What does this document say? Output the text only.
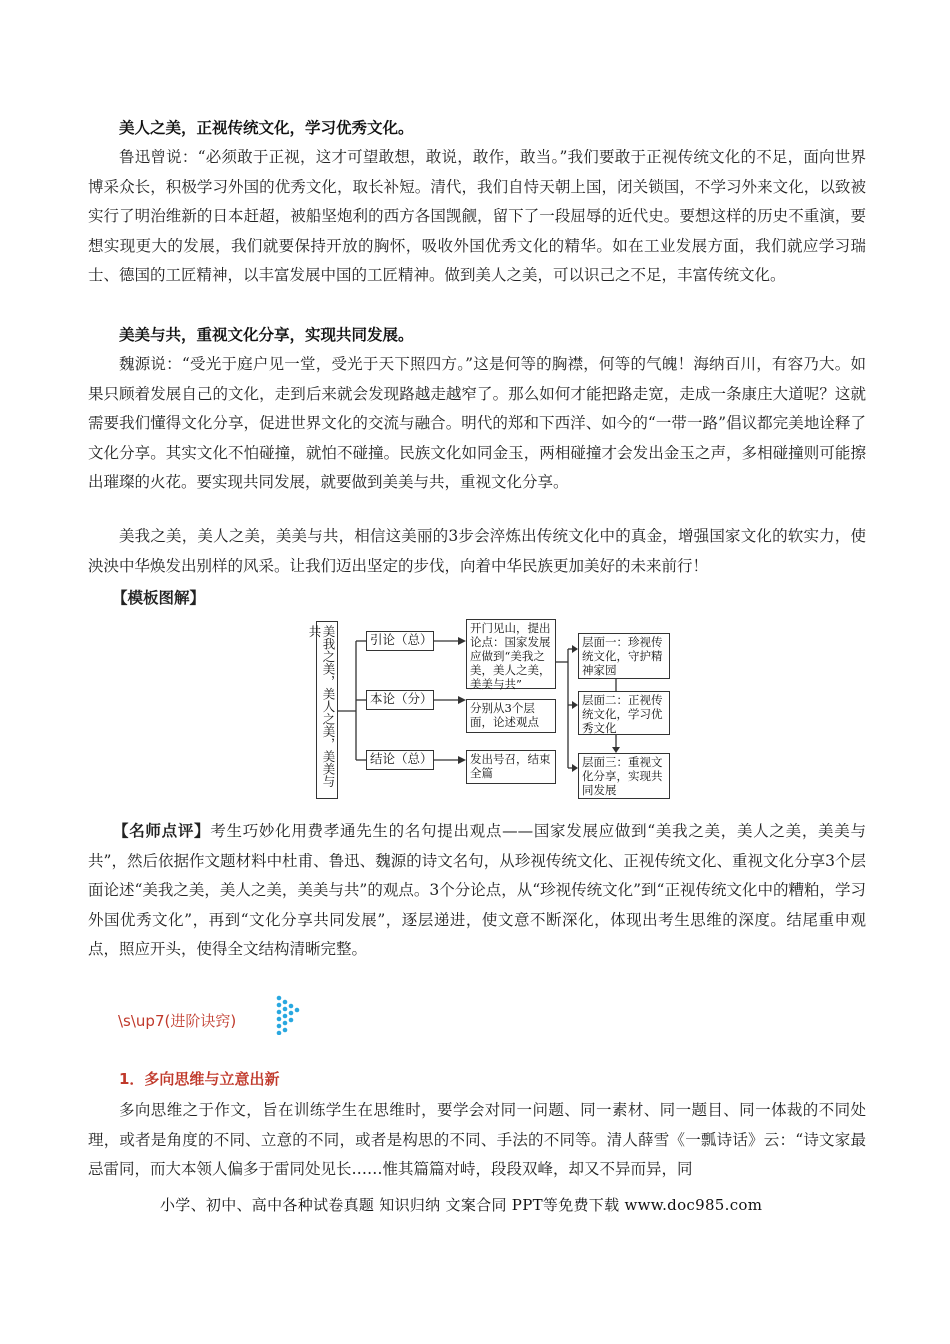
美人之美，正视传统文化，学习优秀文化。

鲁迅曾说：“必须敢于正视，这才可望敢想，敢说，敢作，敢当。”我们要敢于正视传统文化的不足，面向世界博采众长，积极学习外国的优秀文化，取长补短。清代，我们自恃天朝上国，闭关锁国，不学习外来文化，以致被实行了明治维新的日本赶超，被船坚炮利的西方各国觊觎，留下了一段屈辱的近代史。要想这样的历史不重演，要想实现更大的发展，我们就要保持开放的胸怀，吸收外国优秀文化的精华。如在工业发展方面，我们就应学习瑞士、德国的工匠精神，以丰富发展中国的工匠精神。做到美人之美，可以识己之不足，丰富传统文化。

美美与共，重视文化分享，实现共同发展。

魏源说：“受光于庭户见一堂，受光于天下照四方。”这是何等的胸襟，何等的气魄！海纳百川，有容乃大。如果只顾着发展自己的文化，走到后来就会发现路越走越窄了。那么如何才能把路走宽，走成一条康庄大道呢？这就需要我们懂得文化分享，促进世界文化的交流与融合。明代的郑和下西洋、如今的“一带一路”倡议都完美地诠释了文化分享。其实文化不怕碰撞，就怕不碰撞。民族文化如同金玉，两相碰撞才会发出金玉之声，多相碰撞则可能擦出璀璨的火花。要实现共同发展，就要做到美美与共，重视文化分享。

美我之美，美人之美，美美与共，相信这美丽的3步会淬炼出传统文化中的真金，增强国家文化的软实力，使泱泱中华焕发出别样的风采。让我们迈出坚定的步伐，向着中华民族更加美好的未来前行！

【模板图解】

美我之美，美人之美，美美与共
引论（总）
本论（分）
结论（总）
开门见山，提出论点：国家发展应做到“美我之美，美人之美，美美与共”
分别从3个层面，论述观点
发出号召，结束全篇
层面一：珍视传统文化，守护精神家园
层面二：正视传统文化，学习优秀文化
层面三：重视文化分享，实现共同发展

【名师点评】考生巧妙化用费孝通先生的名句提出观点——国家发展应做到“美我之美，美人之美，美美与共”，然后依据作文题材料中杜甫、鲁迅、魏源的诗文名句，从珍视传统文化、正视传统文化、重视文化分享3个层面论述“美我之美，美人之美，美美与共”的观点。3个分论点，从“珍视传统文化”到“正视传统文化中的糟粕，学习外国优秀文化”，再到“文化分享共同发展”，逐层递进，使文意不断深化，体现出考生思维的深度。结尾重申观点，照应开头，使得全文结构清晰完整。

\s\up7(进阶诀窍)

1．多向思维与立意出新

多向思维之于作文，旨在训练学生在思维时，要学会对同一问题、同一素材、同一题目、同一体裁的不同处理，或者是角度的不同、立意的不同，或者是构思的不同、手法的不同等。清人薛雪《一瓢诗话》云：“诗文家最忌雷同，而大本领人偏多于雷同处见长……惟其篇篇对峙，段段双峰，却又不异而异，同

小学、初中、高中各种试卷真题 知识归纳 文案合同 PPT等免费下载 www.doc985.com
